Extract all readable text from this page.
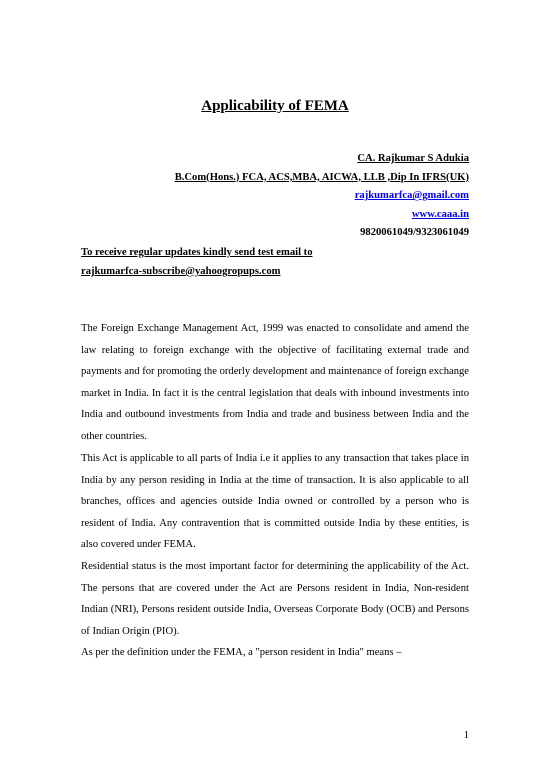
Applicability of FEMA
CA. Rajkumar S Adukia
B.Com(Hons.) FCA, ACS,MBA, AICWA, LLB ,Dip In IFRS(UK)
rajkumarfca@gmail.com
www.caaa.in
9820061049/9323061049
To receive regular updates kindly send test email to
rajkumarfca-subscribe@yahoogropups.com
The Foreign Exchange Management Act, 1999 was enacted to consolidate and amend the law relating to foreign exchange with the objective of facilitating external trade and payments and for promoting the orderly development and maintenance of foreign exchange market in India. In fact it is the central legislation that deals with inbound investments into India and outbound investments from India and trade and business between India and the other countries.
This Act is applicable to all parts of India i.e it applies to any transaction that takes place in India by any person residing in India at the time of transaction. It is also applicable to all branches, offices and agencies outside India owned or controlled by a person who is resident of India. Any contravention that is committed outside India by these entities, is also covered under FEMA.
Residential status is the most important factor for determining the applicability of the Act. The persons that are covered under the Act are Persons resident in India, Non-resident Indian (NRI), Persons resident outside India, Overseas Corporate Body (OCB) and Persons of Indian Origin (PIO).
As per the definition under the FEMA, a "person resident in India" means –
1
